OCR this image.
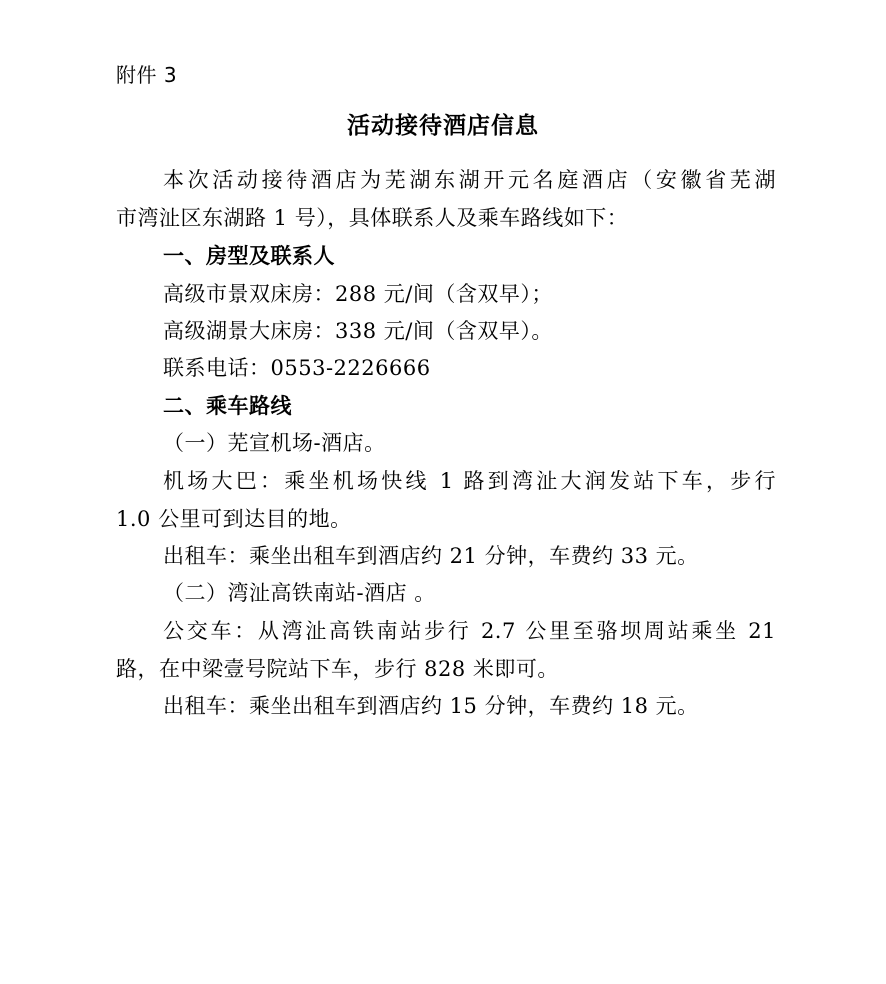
附件 3
活动接待酒店信息
本次活动接待酒店为芜湖东湖开元名庭酒店（安徽省芜湖
市湾沚区东湖路 1 号），具体联系人及乘车路线如下：
一、房型及联系人
高级市景双床房：288 元/间（含双早）；
高级湖景大床房：338 元/间（含双早）。
联系电话：0553-2226666
二、乘车路线
（一）芜宣机场-酒店。
机场大巴：乘坐机场快线 1 路到湾沚大润发站下车，步行
1.0 公里可到达目的地。
出租车：乘坐出租车到酒店约 21 分钟，车费约 33 元。
（二）湾沚高铁南站-酒店 。
公交车：从湾沚高铁南站步行 2.7 公里至骆坝周站乘坐 21
路，在中梁壹号院站下车，步行 828 米即可。
出租车：乘坐出租车到酒店约 15 分钟，车费约 18 元。
